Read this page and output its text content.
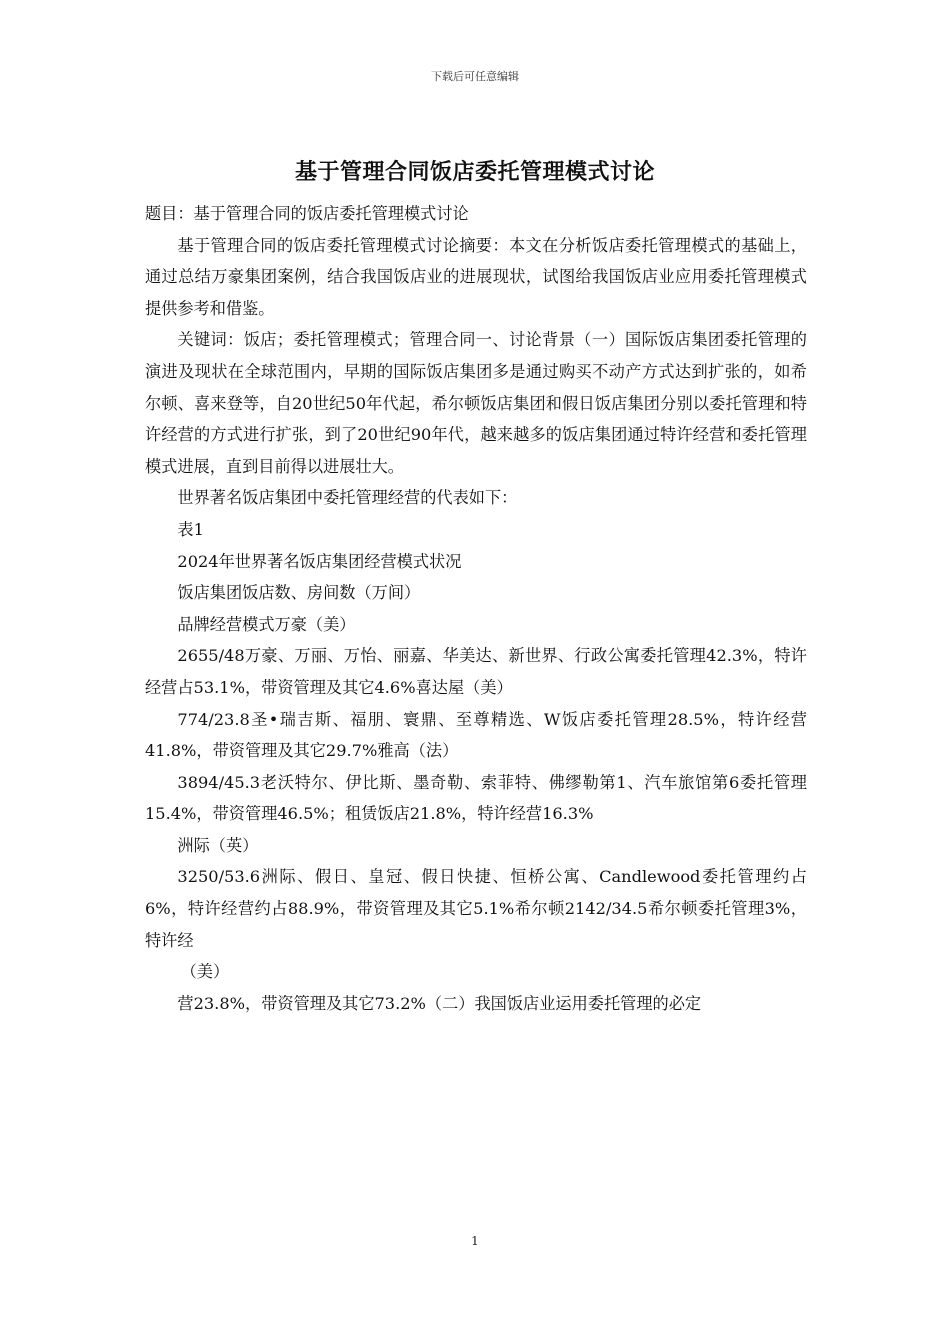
下载后可任意编辑
基于管理合同饭店委托管理模式讨论

题目：基于管理合同的饭店委托管理模式讨论

基于管理合同的饭店委托管理模式讨论摘要：本文在分析饭店委托管理模式的基础上，通过总结万豪集团案例，结合我国饭店业的进展现状，试图给我国饭店业应用委托管理模式提供参考和借鉴。

关键词：饭店；委托管理模式；管理合同一、讨论背景（一）国际饭店集团委托管理的演进及现状在全球范围内，早期的国际饭店集团多是通过购买不动产方式达到扩张的，如希尔顿、喜来登等，自20世纪50年代起，希尔顿饭店集团和假日饭店集团分别以委托管理和特许经营的方式进行扩张，到了20世纪90年代，越来越多的饭店集团通过特许经营和委托管理模式进展，直到目前得以进展壮大。

世界著名饭店集团中委托管理经营的代表如下：

表1

2024年世界著名饭店集团经营模式状况

饭店集团饭店数、房间数（万间）

品牌经营模式万豪（美）

2655/48万豪、万丽、万怡、丽嘉、华美达、新世界、行政公寓委托管理42.3%，特许经营占53.1%，带资管理及其它4.6%喜达屋（美）

774/23.8圣•瑞吉斯、福朋、寰鼎、至尊精选、W饭店委托管理28.5%，特许经营41.8%，带资管理及其它29.7%雅高（法）

3894/45.3老沃特尔、伊比斯、墨奇勒、索菲特、佛缪勒第1、汽车旅馆第6委托管理15.4%，带资管理46.5%；租赁饭店21.8%，特许经营16.3%

洲际（英）

3250/53.6洲际、假日、皇冠、假日快捷、恒桥公寓、Candlewood委托管理约占6%，特许经营约占88.9%，带资管理及其它5.1%希尔顿2142/34.5希尔顿委托管理3%，特许经

（美）

营23.8%，带资管理及其它73.2%（二）我国饭店业运用委托管理的必定

1
